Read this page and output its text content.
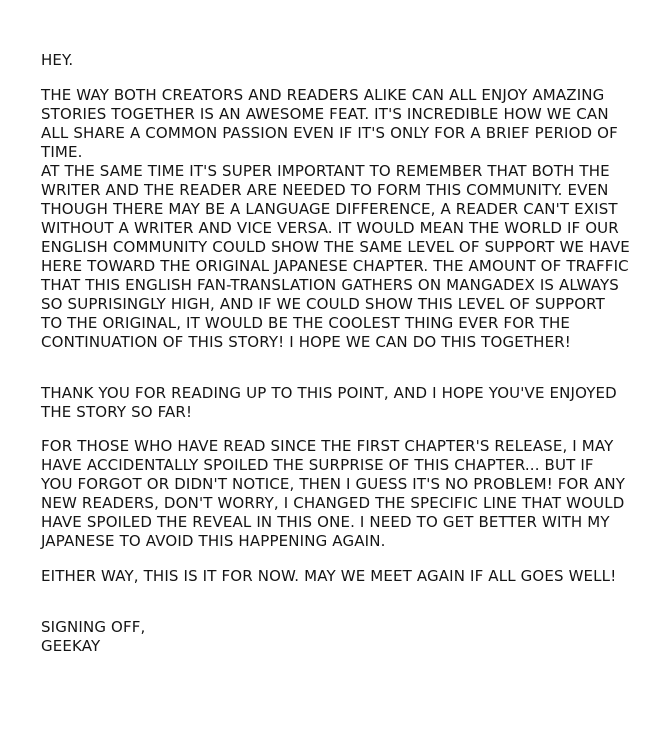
HEY.
THE WAY BOTH CREATORS AND READERS ALIKE CAN ALL ENJOY AMAZING
STORIES TOGETHER IS AN AWESOME FEAT. IT'S INCREDIBLE HOW WE CAN
ALL SHARE A COMMON PASSION EVEN IF IT'S ONLY FOR A BRIEF PERIOD OF
TIME.
AT THE SAME TIME IT'S SUPER IMPORTANT TO REMEMBER THAT BOTH THE
WRITER AND THE READER ARE NEEDED TO FORM THIS COMMUNITY. EVEN
THOUGH THERE MAY BE A LANGUAGE DIFFERENCE, A READER CAN'T EXIST
WITHOUT A WRITER AND VICE VERSA. IT WOULD MEAN THE WORLD IF OUR
ENGLISH COMMUNITY COULD SHOW THE SAME LEVEL OF SUPPORT WE HAVE
HERE TOWARD THE ORIGINAL JAPANESE CHAPTER. THE AMOUNT OF TRAFFIC
THAT THIS ENGLISH FAN-TRANSLATION GATHERS ON MANGADEX IS ALWAYS
SO SUPRISINGLY HIGH, AND IF WE COULD SHOW THIS LEVEL OF SUPPORT
TO THE ORIGINAL, IT WOULD BE THE COOLEST THING EVER FOR THE
CONTINUATION OF THIS STORY! I HOPE WE CAN DO THIS TOGETHER!
THANK YOU FOR READING UP TO THIS POINT, AND I HOPE YOU'VE ENJOYED
THE STORY SO FAR!
FOR THOSE WHO HAVE READ SINCE THE FIRST CHAPTER'S RELEASE, I MAY
HAVE ACCIDENTALLY SPOILED THE SURPRISE OF THIS CHAPTER... BUT IF
YOU FORGOT OR DIDN'T NOTICE, THEN I GUESS IT'S NO PROBLEM! FOR ANY
NEW READERS, DON'T WORRY, I CHANGED THE SPECIFIC LINE THAT WOULD
HAVE SPOILED THE REVEAL IN THIS ONE. I NEED TO GET BETTER WITH MY
JAPANESE TO AVOID THIS HAPPENING AGAIN.
EITHER WAY, THIS IS IT FOR NOW. MAY WE MEET AGAIN IF ALL GOES WELL!
SIGNING OFF,
GEEKAY
